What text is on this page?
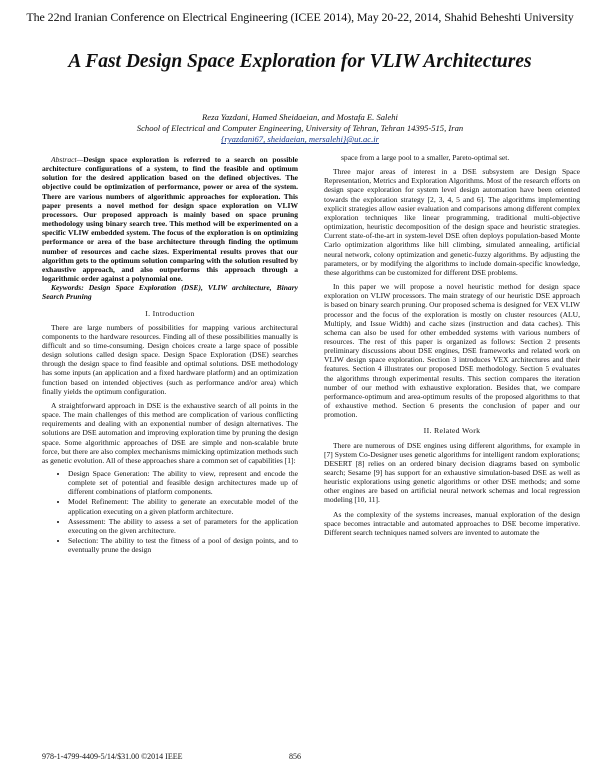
The 22nd Iranian Conference on Electrical Engineering (ICEE 2014), May 20-22, 2014, Shahid Beheshti University
A Fast Design Space Exploration for VLIW Architectures
Reza Yazdani, Hamed Sheidaeian, and Mostafa E. Salehi
School of Electrical and Computer Engineering, University of Tehran, Tehran 14395-515, Iran
{ryazdani67, sheidaeian, mersalehi}@ut.ac.ir

Abstract—Design space exploration is referred to a search on possible architecture configurations of a system, to find the feasible and optimum solution for the desired application based on the defined objectives. The objective could be optimization of performance, power or area of the system. There are various numbers of algorithmic approaches for exploration. This paper presents a novel method for design space exploration on VLIW processors. Our proposed approach is mainly based on space pruning methodology using binary search tree. This method will be experimented on a specific VLIW embedded system. The focus of the exploration is on optimizing performance or area of the base architecture through finding the optimum number of resources and cache sizes. Experimental results proves that our algorithm gets to the optimum solution comparing with the solution resulted by exhaustive approach, and also outperforms this approach through a logarithmic order against a polynomial one.

Keywords: Design Space Exploration (DSE), VLIW architecture, Binary Search Pruning

I. Introduction

There are large numbers of possibilities for mapping various architectural components to the hardware resources. Finding all of these possibilities manually is difficult and so time-consuming. Design choices create a large space of possible design solutions called design space. Design Space Exploration (DSE) searches through the design space to find feasible and optimal solutions. DSE methodology has some inputs (an application and a fixed hardware platform) and an optimization function based on intended objectives (such as performance and/or area) which finally yields the optimum configuration.

A straightforward approach in DSE is the exhaustive search of all points in the space. The main challenges of this method are complication of various conflicting requirements and dealing with an exponential number of design alternatives. The solutions are DSE automation and improving exploration time by pruning the design space. Some algorithmic approaches of DSE are simple and non-scalable brute force, but there are also complex mechanisms mimicking optimization methods such as genetic evolution. All of these approaches share a common set of capabilities [1]:

• Design Space Generation: The ability to view, represent and encode the complete set of potential and feasible design architectures made up of different combinations of platform components.
• Model Refinement: The ability to generate an executable model of the application executing on a given platform architecture.
• Assessment: The ability to assess a set of parameters for the application executing on the given architecture.
• Selection: The ability to test the fitness of a pool of design points, and to eventually prune the design

space from a large pool to a smaller, Pareto-optimal set.

Three major areas of interest in a DSE subsystem are Design Space Representation, Metrics and Exploration Algorithms. Most of the research efforts on design space exploration for system level design automation have been oriented towards the exploration strategy [2, 3, 4, 5 and 6]. The algorithms implementing explicit strategies allow easier evaluation and comparisons among different complex exploration techniques like linear programming, traditional multi-objective optimization, heuristic decomposition of the design space and heuristic strategies. Current state-of-the-art in system-level DSE often deploys population-based Monte Carlo optimization algorithms like hill climbing, simulated annealing, artificial neural network, colony optimization and genetic-fuzzy algorithms. By adjusting the parameters, or by modifying the algorithms to include domain-specific knowledge, these algorithms can be customized for different DSE problems.

In this paper we will propose a novel heuristic method for design space exploration on VLIW processors. The main strategy of our heuristic DSE approach is based on binary search pruning. Our proposed schema is designed for VEX VLIW processor and the focus of the exploration is mostly on cluster resources (ALU, Multiply, and Issue Width) and cache sizes (instruction and data caches). This schema can also be used for other embedded systems with various numbers of resources. The rest of this paper is organized as follows: Section 2 presents preliminary discussions about DSE engines, DSE frameworks and related work on VLIW design space exploration. Section 3 introduces VEX architectures and their features. Section 4 illustrates our proposed DSE methodology. Section 5 evaluates the algorithms through experimental results. This section compares the iteration number of our method with exhaustive exploration. Besides that, we compare performance-optimum and area-optimum results of the proposed algorithms to that of exhaustive method. Section 6 presents the conclusion of paper and our promotion.

II. Related Work

There are numerous of DSE engines using different algorithms, for example in [7] System Co-Designer uses genetic algorithms for intelligent random explorations; DESERT [8] relies on an ordered binary decision diagrams based on symbolic search; Sesame [9] has support for an exhaustive simulation-based DSE as well as heuristic explorations using genetic algorithms or other DSE methods; and some other engines are based on artificial neural network schemas and local regression modeling [10, 11].

As the complexity of the systems increases, manual exploration of the design space becomes intractable and automated approaches to DSE become imperative. Different search techniques named solvers are invented to automate the

978-1-4799-4409-5/14/$31.00 ©2014 IEEE	856
